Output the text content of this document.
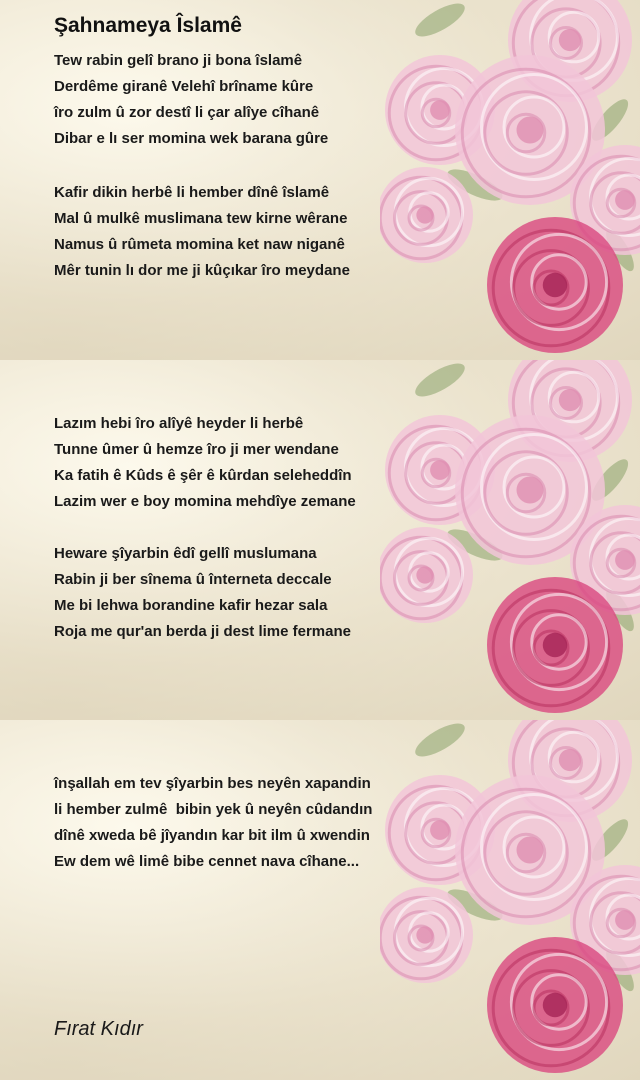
Şahnameya Îslamê
Tew rabin gelî brano ji bona îslamê
Derdême giranê Velehî brîname kûre
îro zulm û zor destî li çar alîye cîhanê
Dibar e lı ser momina wek barana gûre
Kafir dikin herbê li hember dînê îslamê
Mal û mulkê muslimana tew kirne wêrane
Namus û rûmeta momina ket naw niganê
Mêr tunin lı dor me ji kûçıkar îro meydane
Lazım hebi îro alîyê heyder li herbê
Tunne ûmer û hemze îro ji mer wendane
Ka fatih ê Kûds ê şêr ê kûrdan seleheddîn
Lazim wer e boy momina mehdîye zemane
Heware şîyarbin êdî gellî muslumana
Rabin ji ber sînema û înterneta deccale
Me bi lehwa borandine kafir hezar sala
Roja me qur'an berda ji dest lime fermane
înşallah em tev şîyarbin bes neyên xapandin
li hember zulmê  bibin yek û neyên cûdandın
dînê xweda bê jîyandın kar bit ilm û xwendin
Ew dem wê limê bibe cennet nava cîhane...
Fırat Kıdır
